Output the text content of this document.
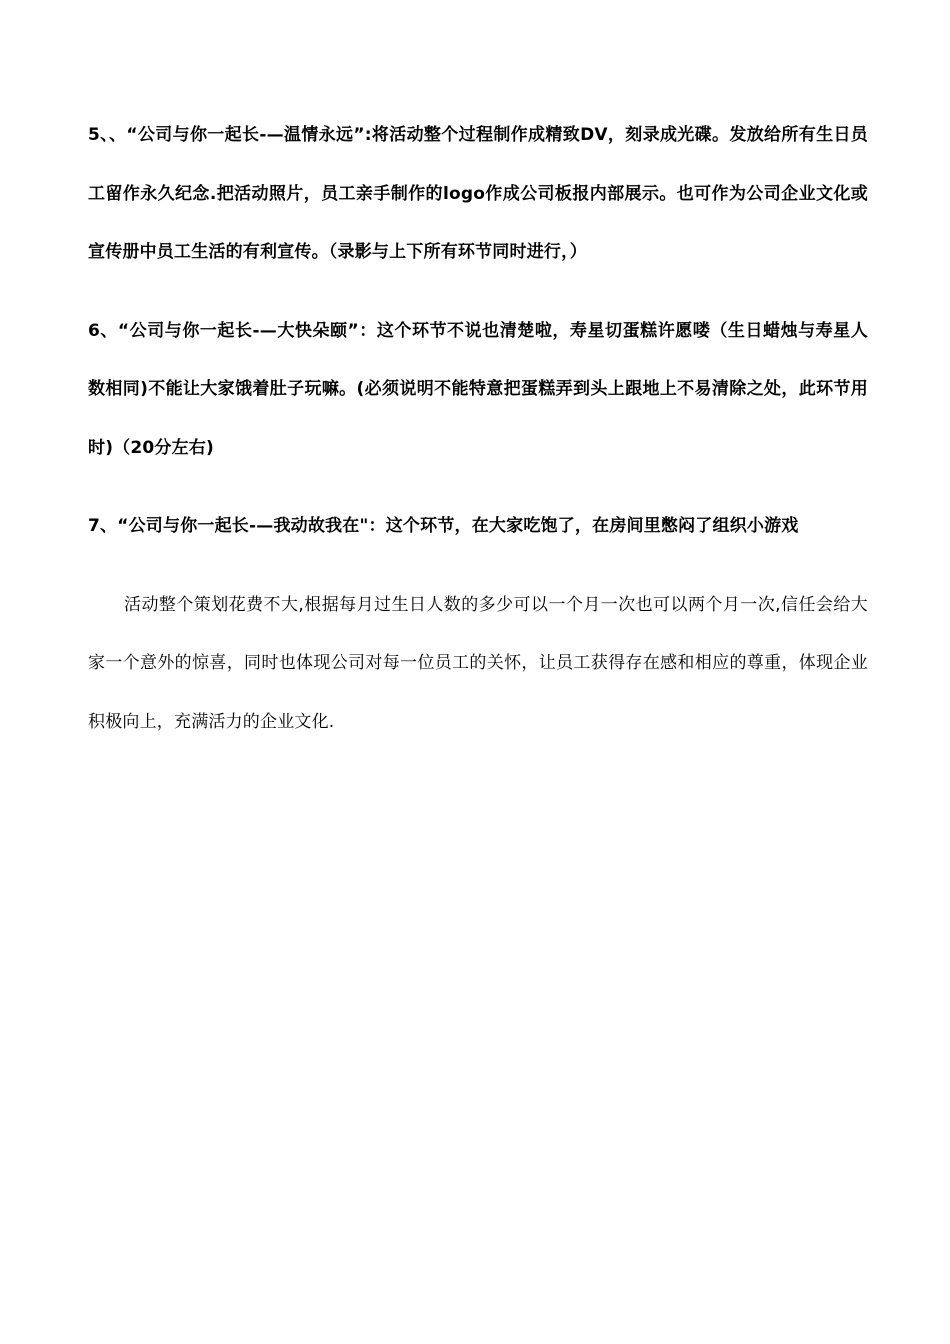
5、、“公司与你一起长-—温情永远”:将活动整个过程制作成精致DV，刻录成光碟。发放给所有生日员工留作永久纪念.把活动照片，员工亲手制作的logo作成公司板报内部展示。也可作为公司企业文化或宣传册中员工生活的有利宣传。（录影与上下所有环节同时进行，）

6、“公司与你一起长-—大快朵颐”：这个环节不说也清楚啦，寿星切蛋糕许愿喽（生日蜡烛与寿星人数相同)不能让大家饿着肚子玩嘛。(必须说明不能特意把蛋糕弄到头上跟地上不易清除之处，此环节用时)（20分左右)

7、“公司与你一起长-—我动故我在"：这个环节，在大家吃饱了，在房间里憋闷了组织小游戏

活动整个策划花费不大,根据每月过生日人数的多少可以一个月一次也可以两个月一次,信任会给大家一个意外的惊喜，同时也体现公司对每一位员工的关怀，让员工获得存在感和相应的尊重，体现企业积极向上，充满活力的企业文化.
